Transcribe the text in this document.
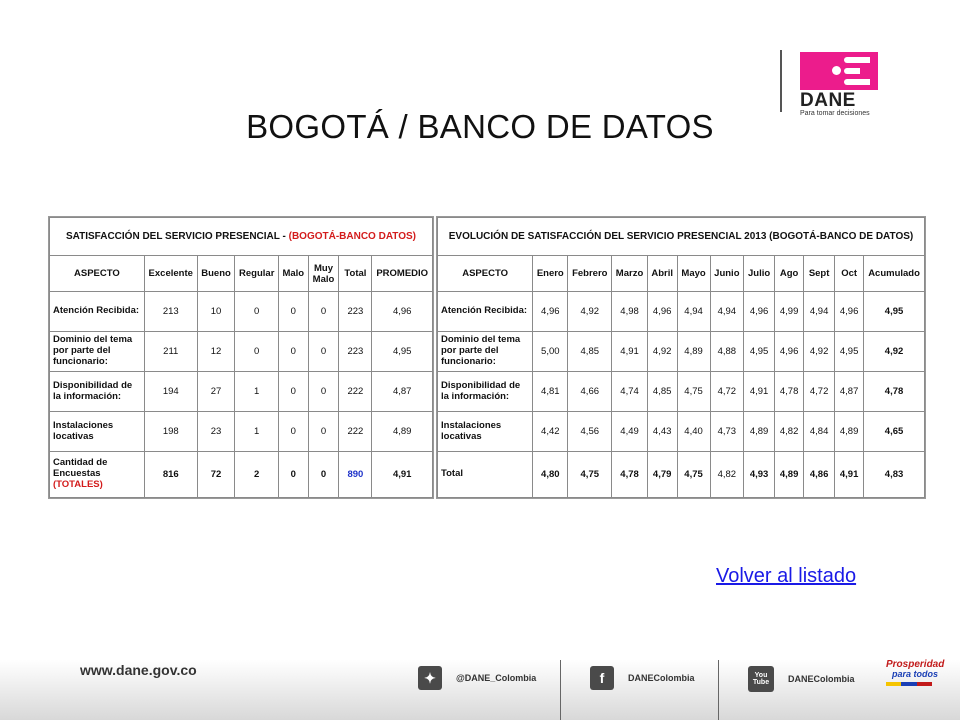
DANE
Para tomar decisiones
BOGOTÁ / BANCO DE DATOS
SATISFACCIÓN DEL SERVICIO PRESENCIAL - (BOGOTÁ-BANCO DATOS)							
ASPECTO	Excelente	Bueno	Regular	Malo	Muy Malo	Total	PROMEDIO
Atención Recibida:	213	10	0	0	0	223	4,96
Dominio del tema por parte del funcionario:	211	12	0	0	0	223	4,95
Disponibilidad de la información:	194	27	1	0	0	222	4,87
Instalaciones locativas	198	23	1	0	0	222	4,89
Cantidad de Encuestas (TOTALES)	816	72	2	0	0	890	4,91
EVOLUCIÓN DE SATISFACCIÓN DEL SERVICIO PRESENCIAL 2013 (BOGOTÁ-BANCO DE DATOS)											
ASPECTO	Enero	Febrero	Marzo	Abril	Mayo	Junio	Julio	Ago	Sept	Oct	Acumulado
Atención Recibida:	4,96	4,92	4,98	4,96	4,94	4,94	4,96	4,99	4,94	4,96	4,95
Dominio del tema por parte del funcionario:	5,00	4,85	4,91	4,92	4,89	4,88	4,95	4,96	4,92	4,95	4,92
Disponibilidad de la información:	4,81	4,66	4,74	4,85	4,75	4,72	4,91	4,78	4,72	4,87	4,78
Instalaciones locativas	4,42	4,56	4,49	4,43	4,40	4,73	4,89	4,82	4,84	4,89	4,65
Total	4,80	4,75	4,78	4,79	4,75	4,82	4,93	4,89	4,86	4,91	4,83
Volver al listado
www.dane.gov.co	✦	@DANE_Colombia	f	DANEColombia	You
Tube DANEColombia
Prosperidad
para todos
